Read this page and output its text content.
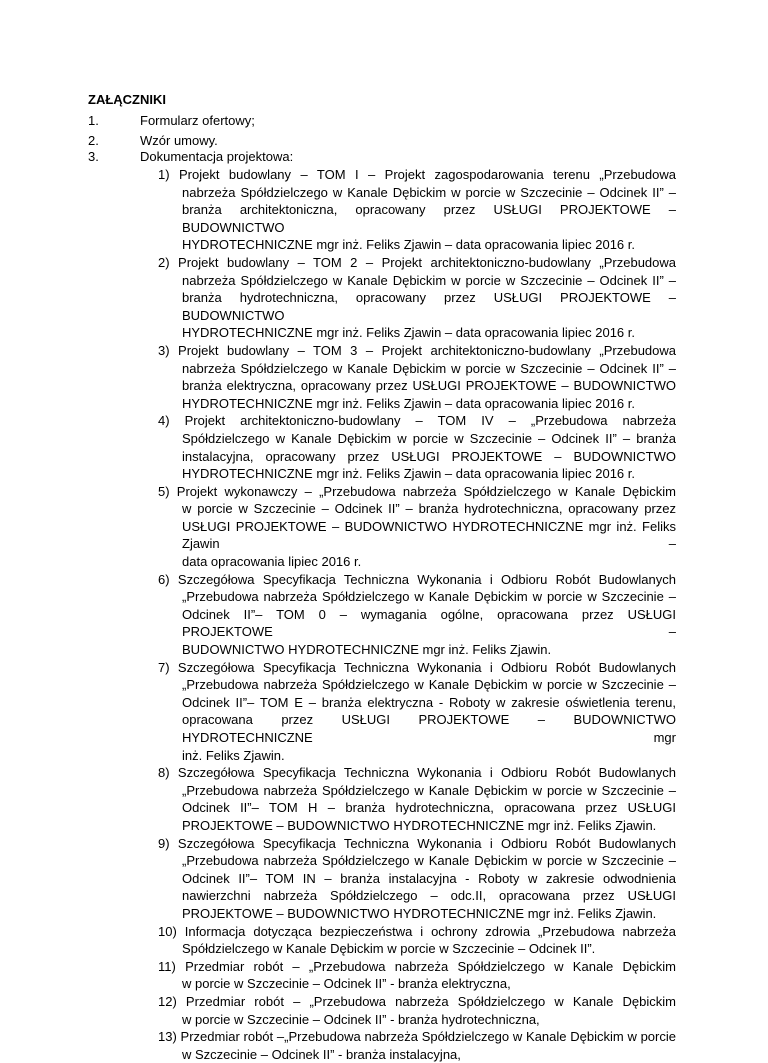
ZAŁĄCZNIKI
1.	Formularz ofertowy;
2.	Wzór umowy.
3.	Dokumentacja projektowa:
1) Projekt budowlany – TOM I – Projekt zagospodarowania terenu „Przebudowa
nabrzeża Spółdzielczego w Kanale Dębickim w porcie w Szczecinie – Odcinek II” –
branża architektoniczna, opracowany przez USŁUGI PROJEKTOWE – BUDOWNICTWO
HYDROTECHNICZNE mgr inż. Feliks Zjawin – data opracowania lipiec 2016 r.
2) Projekt budowlany – TOM 2 – Projekt architektoniczno-budowlany „Przebudowa
nabrzeża Spółdzielczego w Kanale Dębickim w porcie w Szczecinie – Odcinek II” –
branża hydrotechniczna, opracowany przez USŁUGI PROJEKTOWE – BUDOWNICTWO
HYDROTECHNICZNE mgr inż. Feliks Zjawin – data opracowania lipiec 2016 r.
3) Projekt budowlany – TOM 3 – Projekt architektoniczno-budowlany „Przebudowa
nabrzeża Spółdzielczego w Kanale Dębickim w porcie w Szczecinie – Odcinek II” –
branża elektryczna, opracowany przez USŁUGI PROJEKTOWE – BUDOWNICTWO
HYDROTECHNICZNE mgr inż. Feliks Zjawin – data opracowania lipiec 2016 r.
4) Projekt architektoniczno-budowlany – TOM IV – „Przebudowa nabrzeża
Spółdzielczego w Kanale Dębickim w porcie w Szczecinie – Odcinek II” – branża
instalacyjna, opracowany przez USŁUGI PROJEKTOWE – BUDOWNICTWO
HYDROTECHNICZNE mgr inż. Feliks Zjawin – data opracowania lipiec 2016 r.
5) Projekt wykonawczy – „Przebudowa nabrzeża Spółdzielczego w Kanale Dębickim
w porcie w Szczecinie – Odcinek II” – branża hydrotechniczna, opracowany przez
USŁUGI PROJEKTOWE – BUDOWNICTWO HYDROTECHNICZNE mgr inż. Feliks Zjawin –
data opracowania lipiec 2016 r.
6) Szczegółowa Specyfikacja Techniczna Wykonania i Odbioru Robót Budowlanych
„Przebudowa nabrzeża Spółdzielczego w Kanale Dębickim w porcie w Szczecinie –
Odcinek II”– TOM 0 – wymagania ogólne, opracowana przez USŁUGI PROJEKTOWE –
BUDOWNICTWO HYDROTECHNICZNE mgr inż. Feliks Zjawin.
7) Szczegółowa Specyfikacja Techniczna Wykonania i Odbioru Robót Budowlanych
„Przebudowa nabrzeża Spółdzielczego w Kanale Dębickim w porcie w Szczecinie –
Odcinek II”– TOM E – branża elektryczna - Roboty w zakresie oświetlenia terenu,
opracowana przez USŁUGI PROJEKTOWE – BUDOWNICTWO HYDROTECHNICZNE mgr
inż. Feliks Zjawin.
8) Szczegółowa Specyfikacja Techniczna Wykonania i Odbioru Robót Budowlanych
„Przebudowa nabrzeża Spółdzielczego w Kanale Dębickim w porcie w Szczecinie –
Odcinek II”– TOM H – branża hydrotechniczna, opracowana przez USŁUGI
PROJEKTOWE – BUDOWNICTWO HYDROTECHNICZNE mgr inż. Feliks Zjawin.
9) Szczegółowa Specyfikacja Techniczna Wykonania i Odbioru Robót Budowlanych
„Przebudowa nabrzeża Spółdzielczego w Kanale Dębickim w porcie w Szczecinie –
Odcinek II”– TOM IN – branża instalacyjna - Roboty w zakresie odwodnienia
nawierzchni nabrzeża Spółdzielczego – odc.II, opracowana przez USŁUGI
PROJEKTOWE – BUDOWNICTWO HYDROTECHNICZNE mgr inż. Feliks Zjawin.
10) Informacja dotycząca bezpieczeństwa i ochrony zdrowia „Przebudowa nabrzeża
Spółdzielczego w Kanale Dębickim w porcie w Szczecinie – Odcinek II”.
11) Przedmiar robót – „Przebudowa nabrzeża Spółdzielczego w Kanale Dębickim
w porcie w Szczecinie – Odcinek II” - branża elektryczna,
12) Przedmiar robót – „Przebudowa nabrzeża Spółdzielczego w Kanale Dębickim
w porcie w Szczecinie – Odcinek II” - branża hydrotechniczna,
13) Przedmiar robót –„Przebudowa nabrzeża Spółdzielczego w Kanale Dębickim w porcie
w Szczecinie – Odcinek II” - branża instalacyjna,
